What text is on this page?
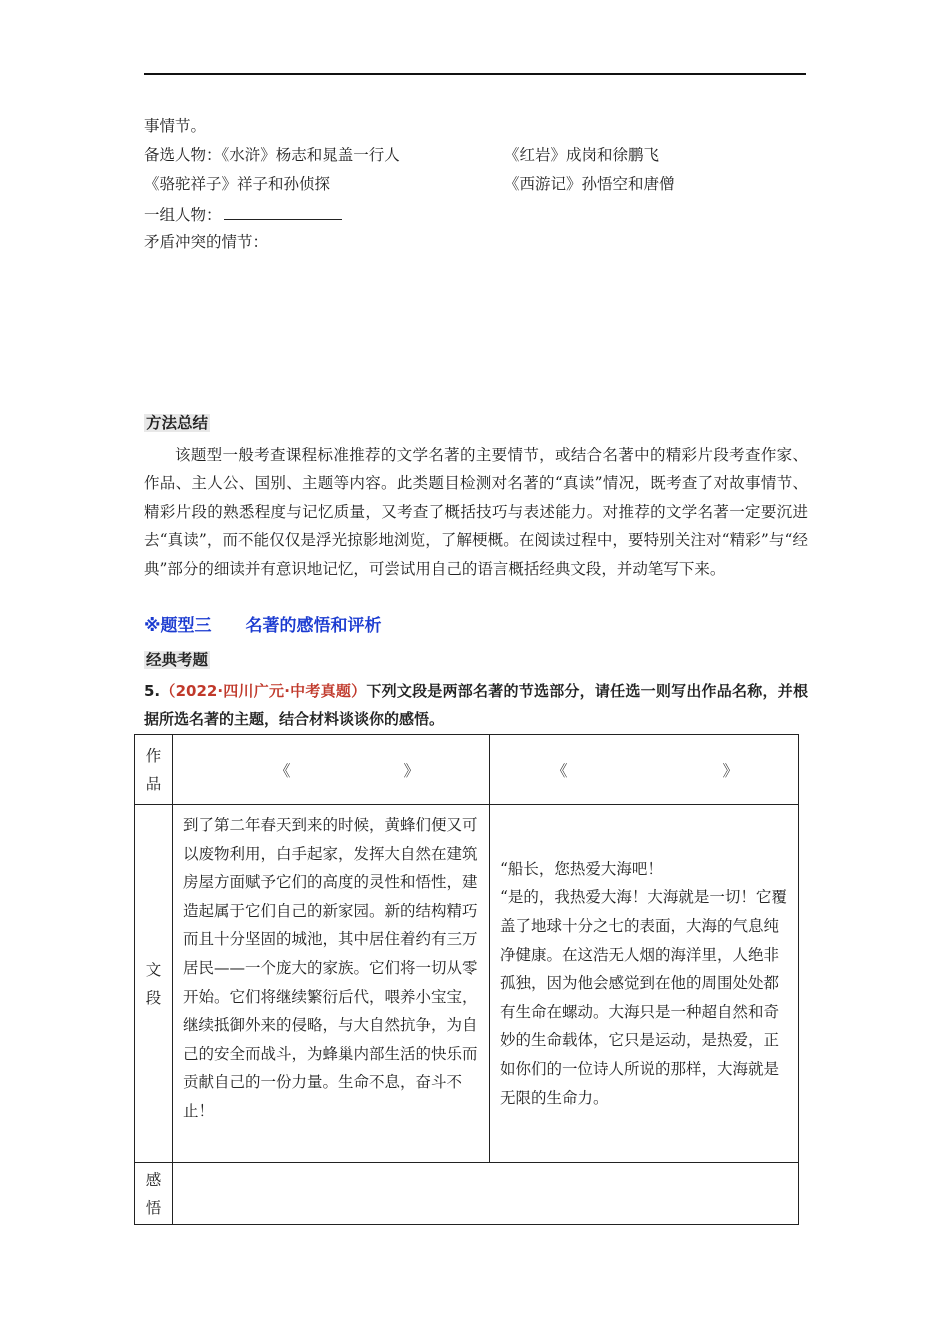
事情节。
备选人物：《水浒》杨志和晁盖一行人	《红岩》成岗和徐鹏飞
《骆驼祥子》祥子和孙侦探	《西游记》孙悟空和唐僧
一组人物：
矛盾冲突的情节：
方法总结
该题型一般考查课程标准推荐的文学名著的主要情节，或结合名著中的精彩片段考查作家、作品、主人公、国别、主题等内容。此类题目检测对名著的“真读”情况，既考查了对故事情节、精彩片段的熟悉程度与记忆质量，又考查了概括技巧与表述能力。对推荐的文学名著一定要沉进去“真读”，而不能仅仅是浮光掠影地浏览，了解梗概。在阅读过程中，要特别关注对“精彩”与“经典”部分的细读并有意识地记忆，可尝试用自己的语言概括经典文段，并动笔写下来。
※题型三　　名著的感悟和评析
经典考题
5.（2022·四川广元·中考真题）下列文段是两部名著的节选部分，请任选一则写出作品名称，并根据所选名著的主题，结合材料谈谈你的感悟。
作品	《 》	《 》

文段	到了第二年春天到来的时候，黄蜂们便又可以废物利用，白手起家，发挥大自然在建筑房屋方面赋予它们的高度的灵性和悟性，建造起属于它们自己的新家园。新的结构精巧而且十分坚固的城池，其中居住着约有三万居民——一个庞大的家族。它们将一切从零开始。它们将继续繁衍后代，喂养小宝宝，继续抵御外来的侵略，与大自然抗争，为自己的安全而战斗，为蜂巢内部生活的快乐而贡献自己的一份力量。生命不息，奋斗不止！	“船长，您热爱大海吧！
“是的，我热爱大海！大海就是一切！它覆盖了地球十分之七的表面，大海的气息纯净健康。在这浩无人烟的海洋里，人绝非孤独，因为他会感觉到在他的周围处处都有生命在螺动。大海只是一种超自然和奇妙的生命载体，它只是运动，是热爱，正如你们的一位诗人所说的那样，大海就是无限的生命力。

感悟		
